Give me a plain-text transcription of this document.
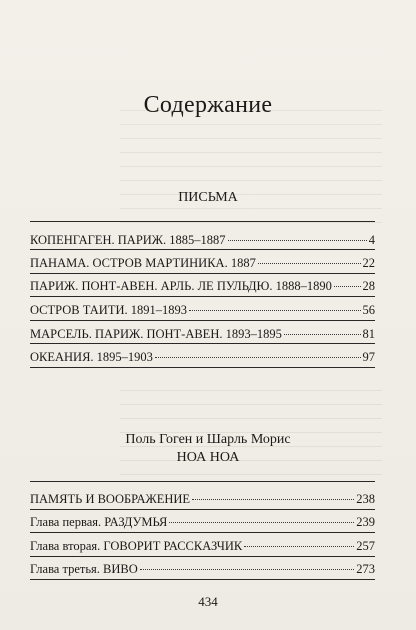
Содержание
ПИСЬМА
КОПЕНГАГЕН. ПАРИЖ. 1885–1887	4
ПАНАМА. ОСТРОВ МАРТИНИКА. 1887	22
ПАРИЖ. ПОНТ-АВЕН. АРЛЬ. ЛЕ ПУЛЬДЮ. 1888–1890 28
ОСТРОВ ТАИТИ. 1891–1893	56
МАРСЕЛЬ. ПАРИЖ. ПОНТ-АВЕН. 1893–1895	81
ОКЕАНИЯ. 1895–1903	97
Поль Гоген и Шарль Морис
НОА НОА
ПАМЯТЬ И ВООБРАЖЕНИЕ	238
Глава первая. РАЗДУМЬЯ	239
Глава вторая. ГОВОРИТ РАССКАЗЧИК	257
Глава третья. ВИВО	273
434
